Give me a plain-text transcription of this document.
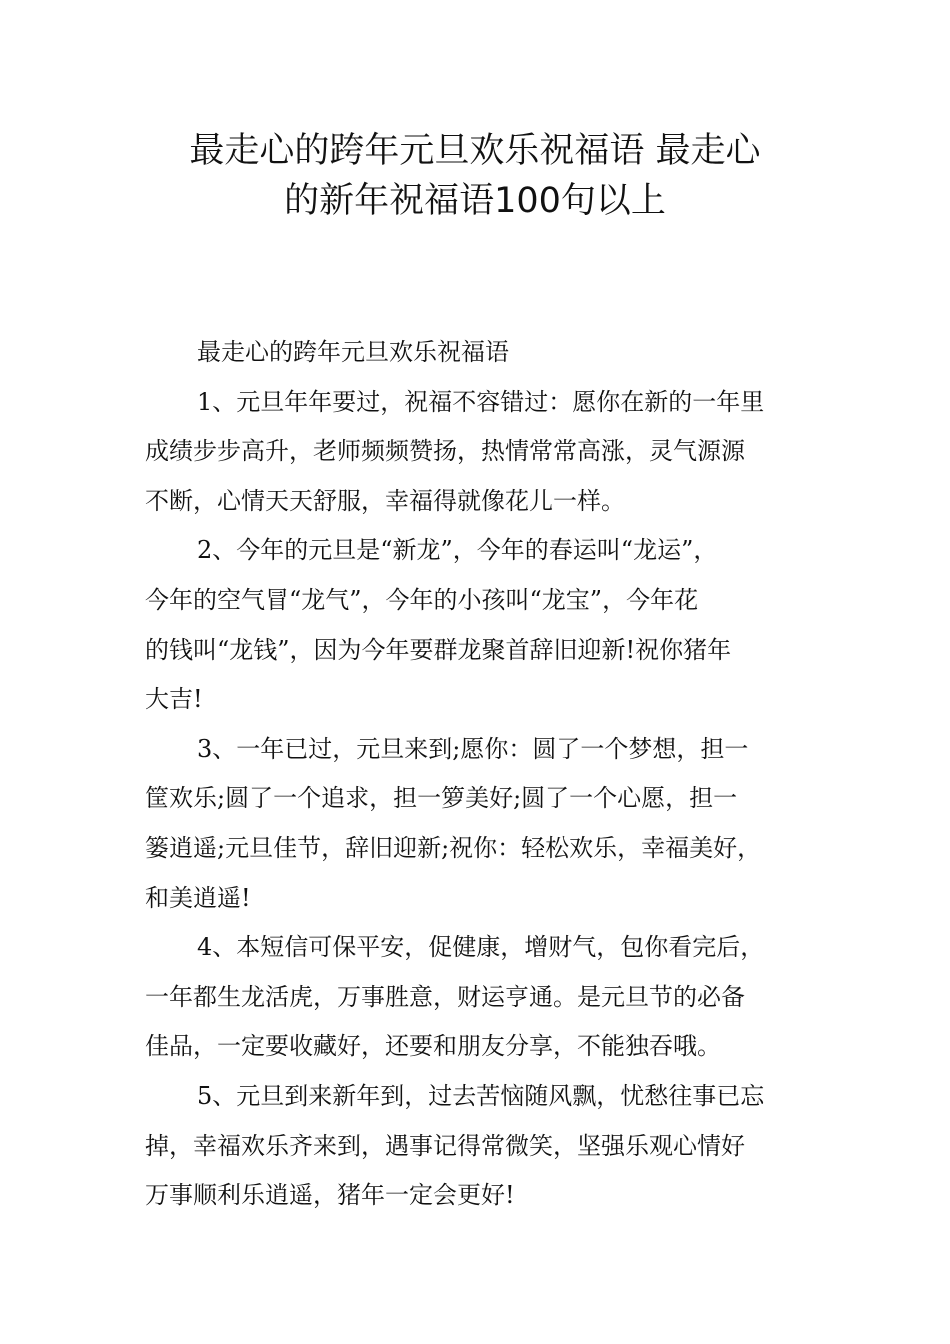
最走心的跨年元旦欢乐祝福语 最走心
的新年祝福语100句以上
最走心的跨年元旦欢乐祝福语
1、元旦年年要过，祝福不容错过：愿你在新的一年里
成绩步步高升，老师频频赞扬，热情常常高涨，灵气源源
不断，心情天天舒服，幸福得就像花儿一样。
2、今年的元旦是“新龙”，今年的春运叫“龙运”，
今年的空气冒“龙气”，今年的小孩叫“龙宝”，今年花
的钱叫“龙钱”，因为今年要群龙聚首辞旧迎新!祝你猪年
大吉!
3、一年已过，元旦来到;愿你：圆了一个梦想，担一
筐欢乐;圆了一个追求，担一箩美好;圆了一个心愿，担一
篓逍遥;元旦佳节，辞旧迎新;祝你：轻松欢乐，幸福美好，
和美逍遥!
4、本短信可保平安，促健康，增财气，包你看完后，
一年都生龙活虎，万事胜意，财运亨通。是元旦节的必备
佳品，一定要收藏好，还要和朋友分享，不能独吞哦。
5、元旦到来新年到，过去苦恼随风飘，忧愁往事已忘
掉，幸福欢乐齐来到，遇事记得常微笑，坚强乐观心情好
万事顺利乐逍遥，猪年一定会更好!
